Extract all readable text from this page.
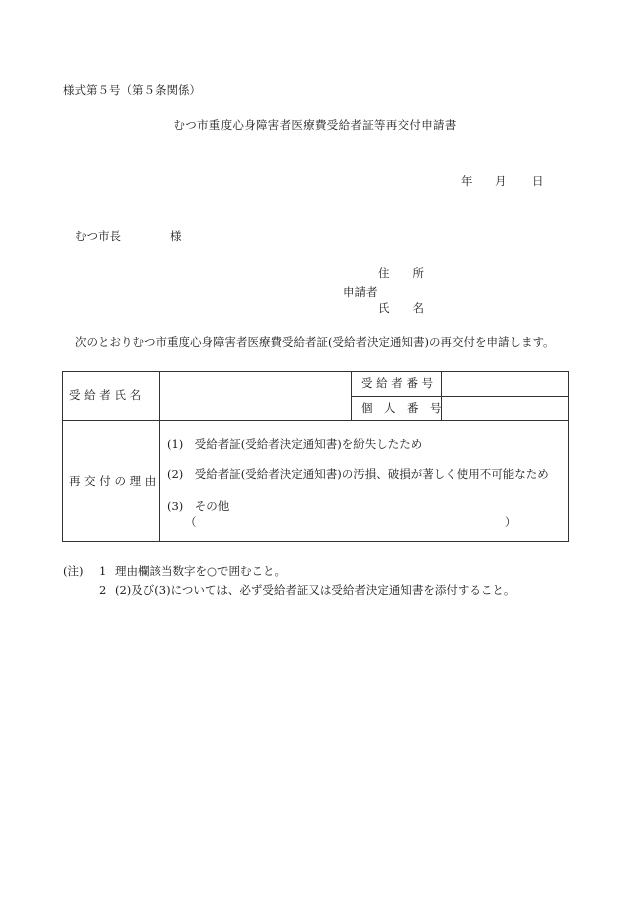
様式第５号（第５条関係）
むつ市重度心身障害者医療費受給者証等再交付申請書
年 月 日
むつ市長	様
住　　所
申請者
氏　　名
次のとおりむつ市重度心身障害者医療費受給者証(受給者決定通知書)の再交付を申請します。
受 給 者 氏 名
受 給 者 番 号
個　人　番　号
再 交 付 の 理 由
(1)　受給者証(受給者決定通知書)を紛失したため
(2)　受給者証(受給者決定通知書)の汚損、破損が著しく使用不可能なため
(3)　その他
（	）
(注) 1 理由欄該当数字を○で囲むこと。
2 (2)及び(3)については、必ず受給者証又は受給者決定通知書を添付すること。
